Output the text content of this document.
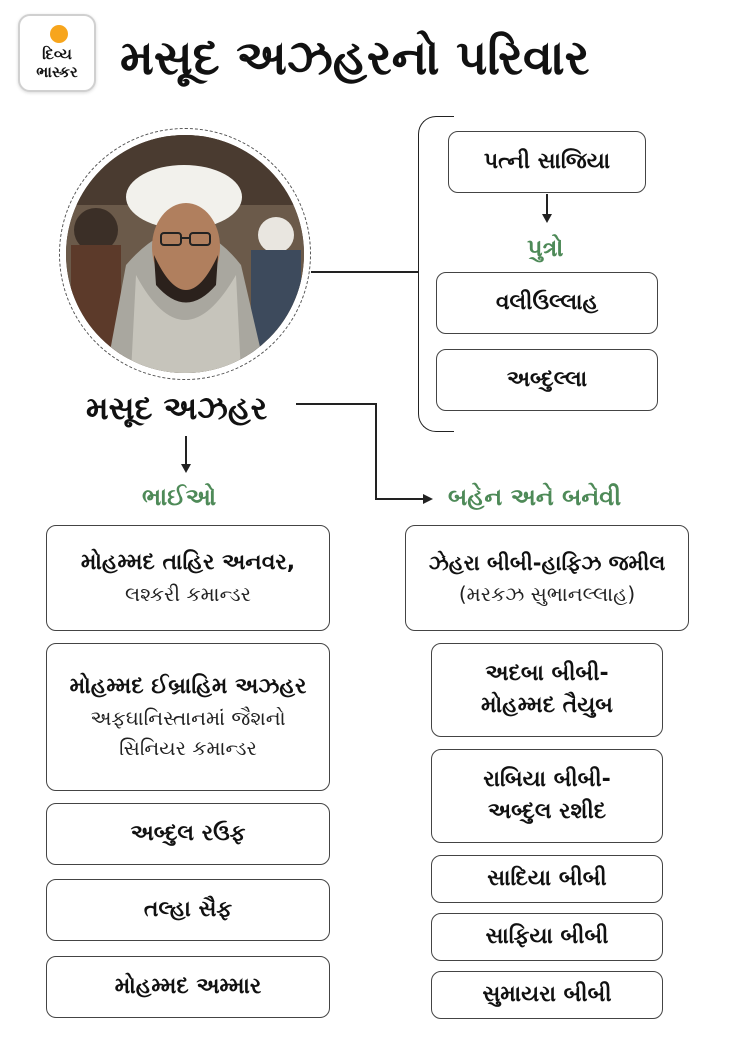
દિવ્ય
ભાસ્કર મસૂદ અઝહરનો પરિવાર
મસૂદ અઝહર
પત્ની સાજિયા
પુત્રો
વલીઉલ્લાહ
અબ્દુલ્લા
ભાઈઓ	બહેન અને બનેવી
મોહમ્મદ તાહિર અનવર,
લશ્કરી કમાન્ડર
મોહમ્મદ ઈબ્રાહિમ અઝહર
અફઘાનિસ્તાનમાં જૈશનો
સિનિયર કમાન્ડર
અબ્દુલ રઉફ
તલ્હા સૈફ
મોહમ્મદ અમ્માર
ઝેહરા બીબી-હાફિઝ જમીલ
(મરકઝ સુભાનલ્લાહ)
અદબા બીબી-
મોહમ્મદ તૈયુબ
રાબિયા બીબી-
અબ્દુલ રશીદ
સાદિયા બીબી
સાફિયા બીબી
સુમાયરા બીબી
